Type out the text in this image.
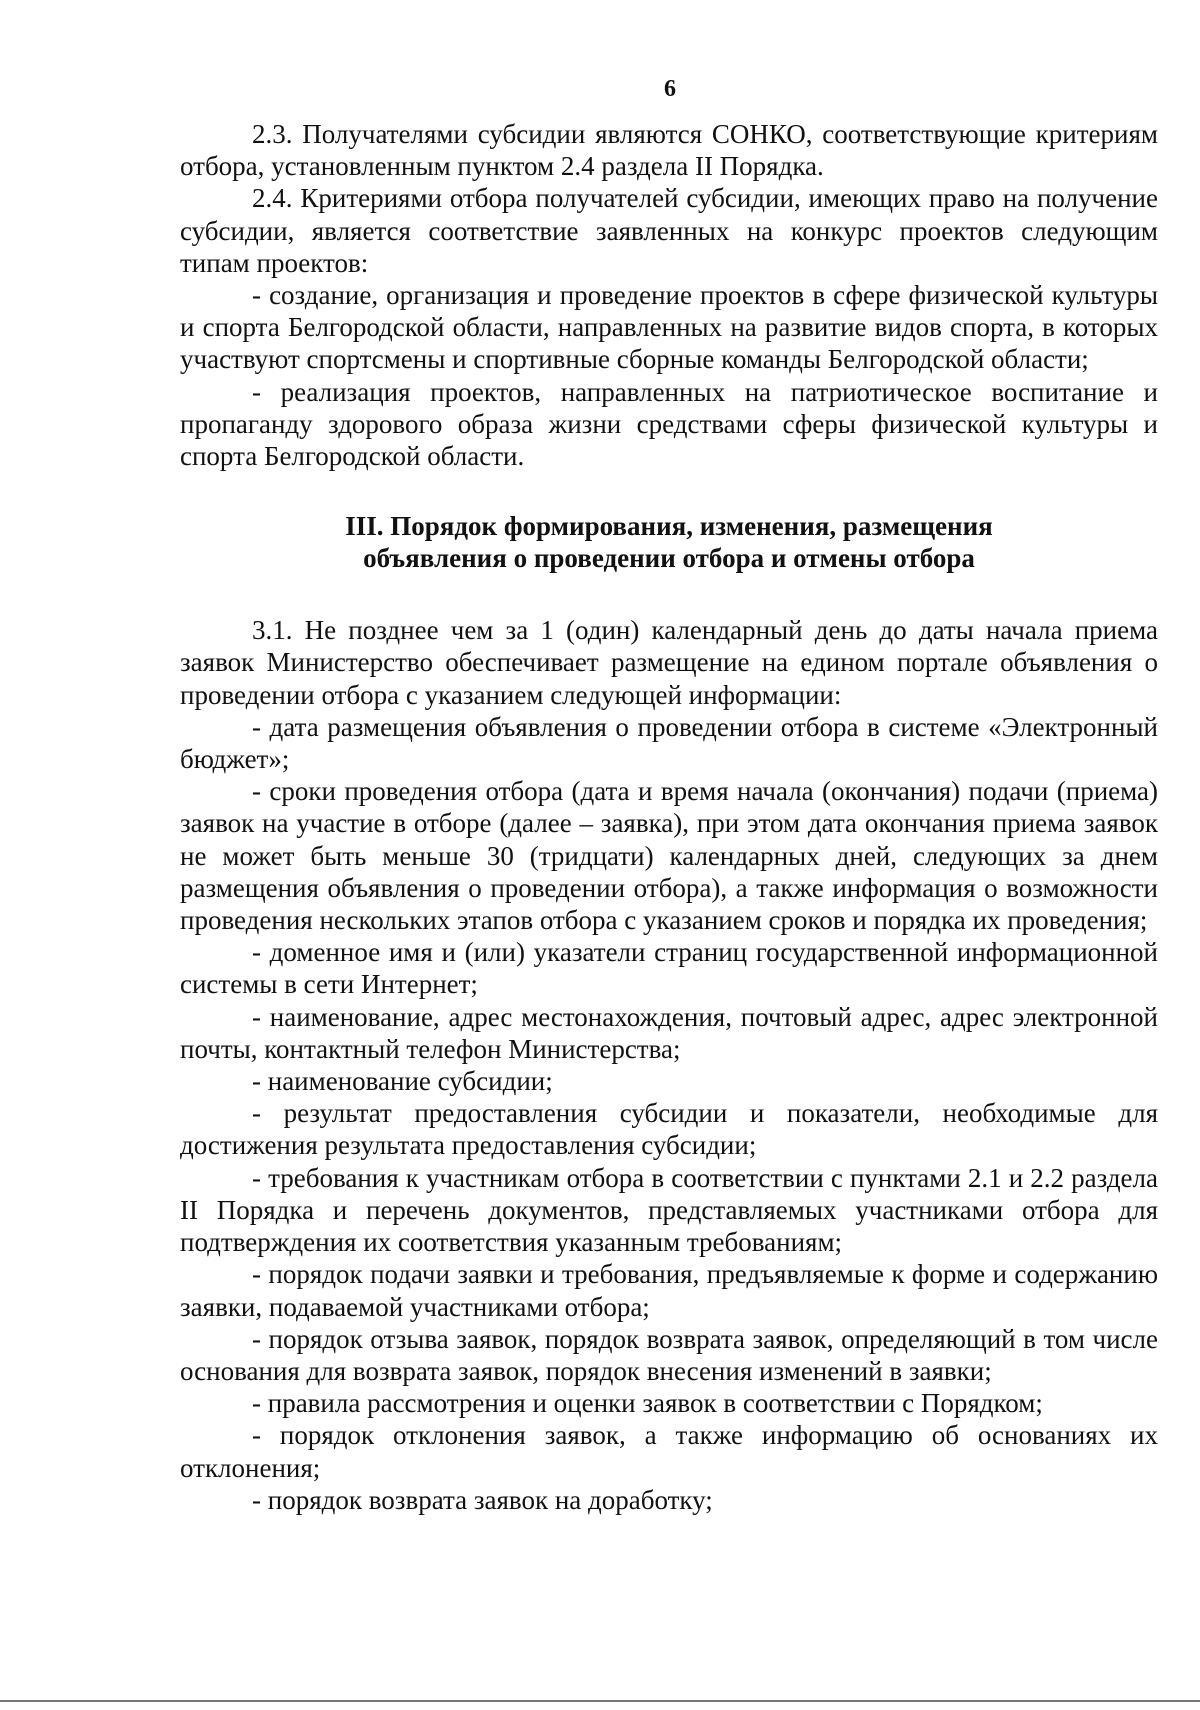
6

2.3. Получателями субсидии являются СОНКО, соответствующие критериям отбора, установленным пунктом 2.4 раздела II Порядка.

2.4. Критериями отбора получателей субсидии, имеющих право на получение субсидии, является соответствие заявленных на конкурс проектов следующим типам проектов:

- создание, организация и проведение проектов в сфере физической культуры и спорта Белгородской области, направленных на развитие видов спорта, в которых участвуют спортсмены и спортивные сборные команды Белгородской области;

- реализация проектов, направленных на патриотическое воспитание и пропаганду здорового образа жизни средствами сферы физической культуры и спорта Белгородской области.

III. Порядок формирования, изменения, размещения
объявления о проведении отбора и отмены отбора

3.1. Не позднее чем за 1 (один) календарный день до даты начала приема заявок Министерство обеспечивает размещение на едином портале объявления о проведении отбора с указанием следующей информации:

- дата размещения объявления о проведении отбора в системе «Электронный бюджет»;

- сроки проведения отбора (дата и время начала (окончания) подачи (приема) заявок на участие в отборе (далее – заявка), при этом дата окончания приема заявок не может быть меньше 30 (тридцати) календарных дней, следующих за днем размещения объявления о проведении отбора), а также информация о возможности проведения нескольких этапов отбора с указанием сроков и порядка их проведения;

- доменное имя и (или) указатели страниц государственной информационной системы в сети Интернет;

- наименование, адрес местонахождения, почтовый адрес, адрес электронной почты, контактный телефон Министерства;

- наименование субсидии;

- результат предоставления субсидии и показатели, необходимые для достижения результата предоставления субсидии;

- требования к участникам отбора в соответствии с пунктами 2.1 и 2.2 раздела II Порядка и перечень документов, представляемых участниками отбора для подтверждения их соответствия указанным требованиям;

- порядок подачи заявки и требования, предъявляемые к форме и содержанию заявки, подаваемой участниками отбора;

- порядок отзыва заявок, порядок возврата заявок, определяющий в том числе основания для возврата заявок, порядок внесения изменений в заявки;

- правила рассмотрения и оценки заявок в соответствии с Порядком;

- порядок отклонения заявок, а также информацию об основаниях их отклонения;

- порядок возврата заявок на доработку;
